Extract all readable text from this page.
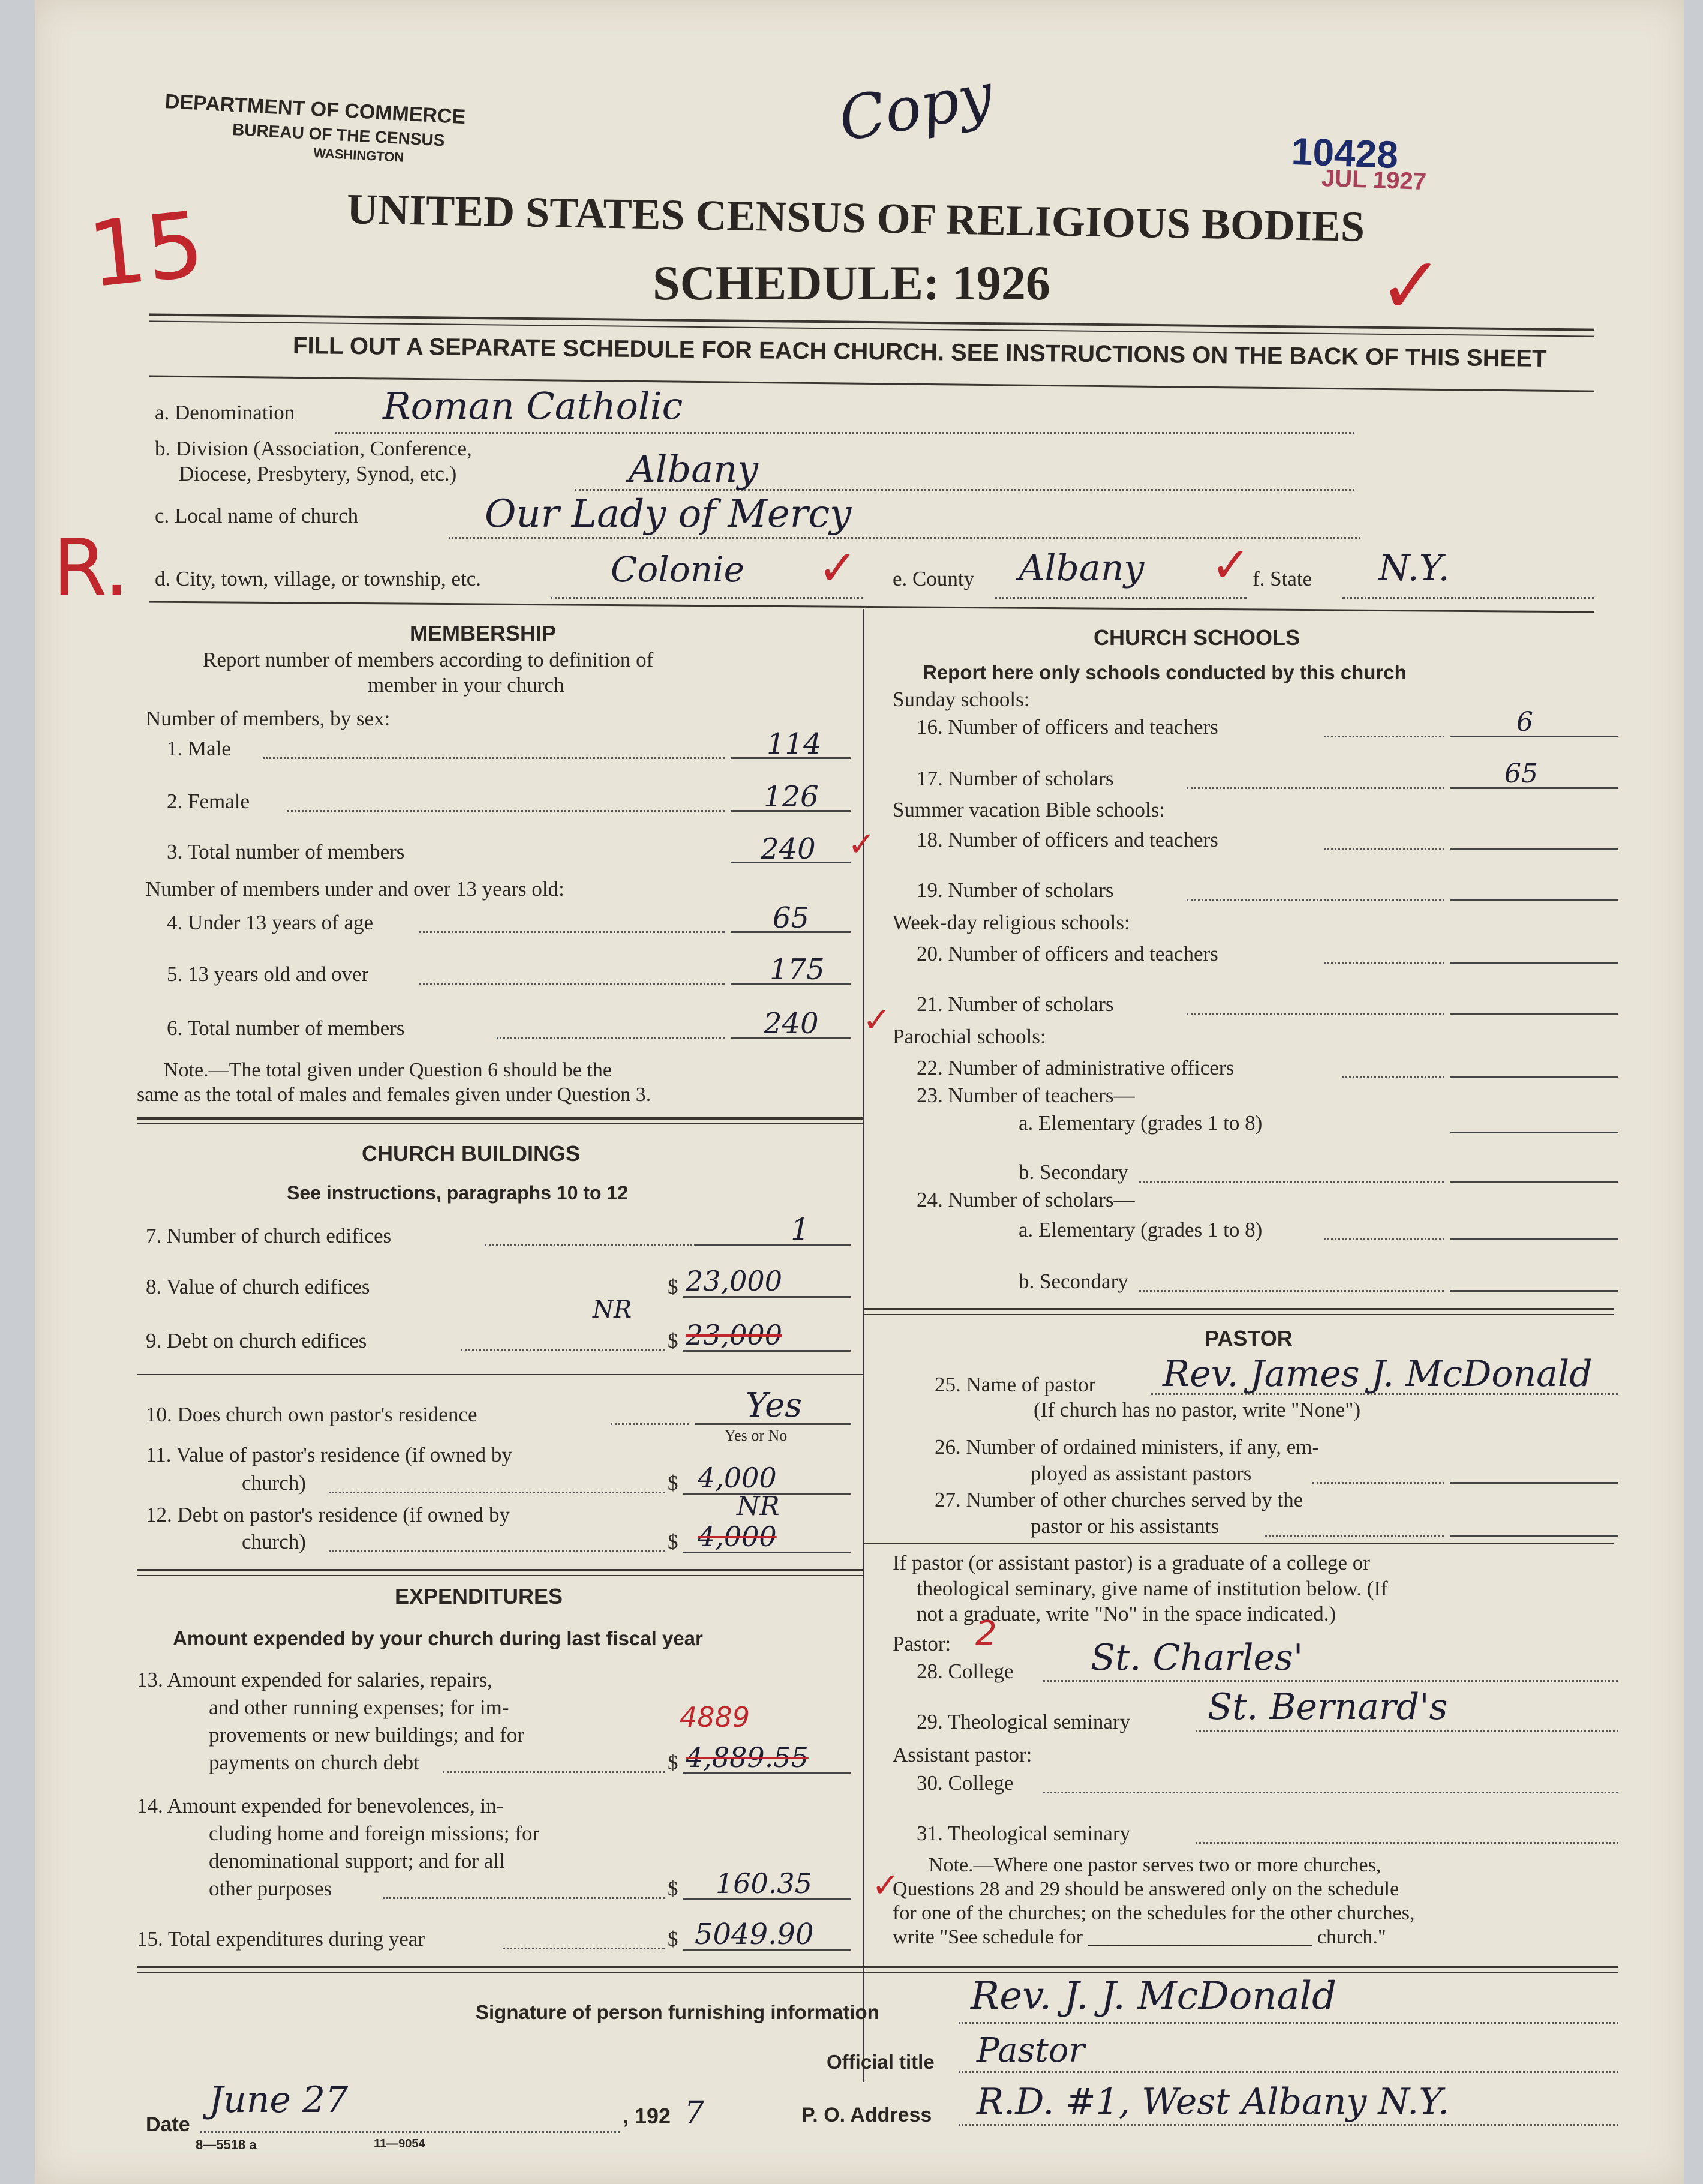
DEPARTMENT OF COMMERCE
BUREAU OF THE CENSUS
WASHINGTON	Copy	10428
JUL 1927
15
R.
✓
UNITED STATES CENSUS OF RELIGIOUS BODIES
SCHEDULE: 1926
FILL OUT A SEPARATE SCHEDULE FOR EACH CHURCH. SEE INSTRUCTIONS ON THE BACK OF THIS SHEET
a. Denomination Roman Catholic
b. Division (Association, Conference,
Diocese, Presbytery, Synod, etc.)	Albany
c. Local name of church	Our Lady of Mercy
d. City, town, village, or township, etc.	Colonie ✓ e. County Albany ✓ f. State N.Y.
MEMBERSHIP
Report number of members according to definition of
member in your church
Number of members, by sex:
1. Male	114
2. Female	126
3. Total number of members	240 ✓
Number of members under and over 13 years old:
4. Under 13 years of age	65
5. 13 years old and over	175
6. Total number of members	240 ✓
Note.—The total given under Question 6 should be the
same as the total of males and females given under Question 3.
CHURCH BUILDINGS
See instructions, paragraphs 10 to 12
7. Number of church edifices	1
8. Value of church edifices	$ 23,000
NR
9. Debt on church edifices	$ 23,000
Yes
10. Does church own pastor's residence
Yes or No
11. Value of pastor's residence (if owned by
church)	$ 4,000
NR
12. Debt on pastor's residence (if owned by
church)	$ 4,000
EXPENDITURES
Amount expended by your church during last fiscal year
13. Amount expended for salaries, repairs,
and other running expenses; for im-
provements or new buildings; and for
payments on church debt
4889
$ 4,889.55
14. Amount expended for benevolences, in-
cluding home and foreign missions; for
denominational support; and for all
other purposes	$ 160.35 ✓
15. Total expenditures during year	$ 5049.90
CHURCH SCHOOLS
Report here only schools conducted by this church
Sunday schools:
16. Number of officers and teachers	6
17. Number of scholars	65
Summer vacation Bible schools:
18. Number of officers and teachers
19. Number of scholars
Week-day religious schools:
20. Number of officers and teachers
21. Number of scholars
Parochial schools:
22. Number of administrative officers
23. Number of teachers—
a. Elementary (grades 1 to 8)
b. Secondary
24. Number of scholars—
a. Elementary (grades 1 to 8)
b. Secondary
PASTOR
25. Name of pastor Rev. James J. McDonald
(If church has no pastor, write "None")
26. Number of ordained ministers, if any, em-
ployed as assistant pastors
27. Number of other churches served by the
pastor or his assistants
If pastor (or assistant pastor) is a graduate of a college or
theological seminary, give name of institution below. (If
not a graduate, write "No" in the space indicated.)
Pastor: 2
28. College St. Charles'
29. Theological seminary St. Bernard's
Assistant pastor:
30. College
31. Theological seminary
Note.—Where one pastor serves two or more churches,
Questions 28 and 29 should be answered only on the schedule
for one of the churches; on the schedules for the other churches,
write "See schedule for ______________________ church."
Signature of person furnishing information Rev. J. J. McDonald
Official title Pastor
Date
June 27	, 192 7	P. O. Address R.D. #1, West Albany N.Y.
8—5518 a	11—9054
